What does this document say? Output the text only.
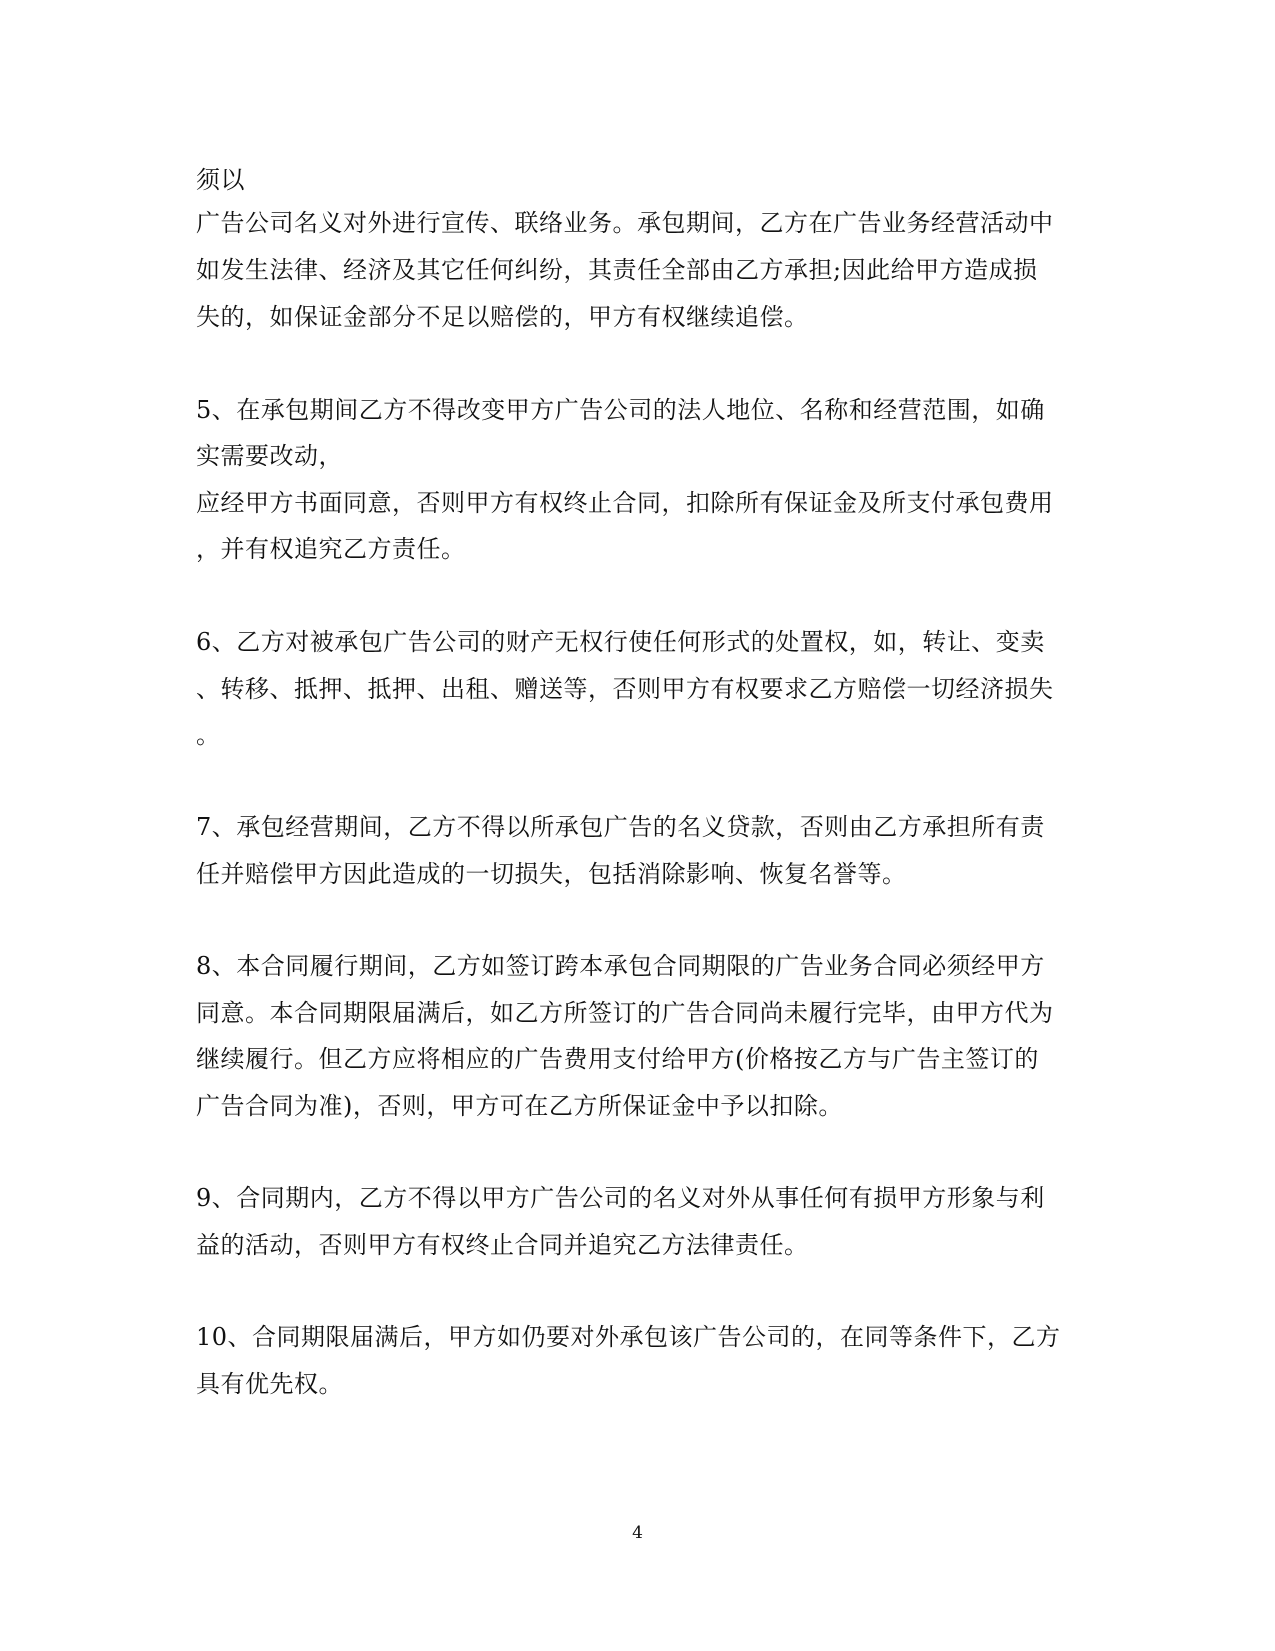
须以
广告公司名义对外进行宣传、联络业务。承包期间，乙方在广告业务经营活动中
如发生法律、经济及其它任何纠纷，其责任全部由乙方承担;因此给甲方造成损
失的，如保证金部分不足以赔偿的，甲方有权继续追偿。
5、在承包期间乙方不得改变甲方广告公司的法人地位、名称和经营范围，如确
实需要改动，
应经甲方书面同意，否则甲方有权终止合同，扣除所有保证金及所支付承包费用
，并有权追究乙方责任。
6、乙方对被承包广告公司的财产无权行使任何形式的处置权，如，转让、变卖
、转移、抵押、抵押、出租、赠送等，否则甲方有权要求乙方赔偿一切经济损失
。
7、承包经营期间，乙方不得以所承包广告的名义贷款，否则由乙方承担所有责
任并赔偿甲方因此造成的一切损失，包括消除影响、恢复名誉等。
8、本合同履行期间，乙方如签订跨本承包合同期限的广告业务合同必须经甲方
同意。本合同期限届满后，如乙方所签订的广告合同尚未履行完毕，由甲方代为
继续履行。但乙方应将相应的广告费用支付给甲方(价格按乙方与广告主签订的
广告合同为准)，否则，甲方可在乙方所保证金中予以扣除。
9、合同期内，乙方不得以甲方广告公司的名义对外从事任何有损甲方形象与利
益的活动，否则甲方有权终止合同并追究乙方法律责任。
10、合同期限届满后，甲方如仍要对外承包该广告公司的，在同等条件下，乙方
具有优先权。
4
